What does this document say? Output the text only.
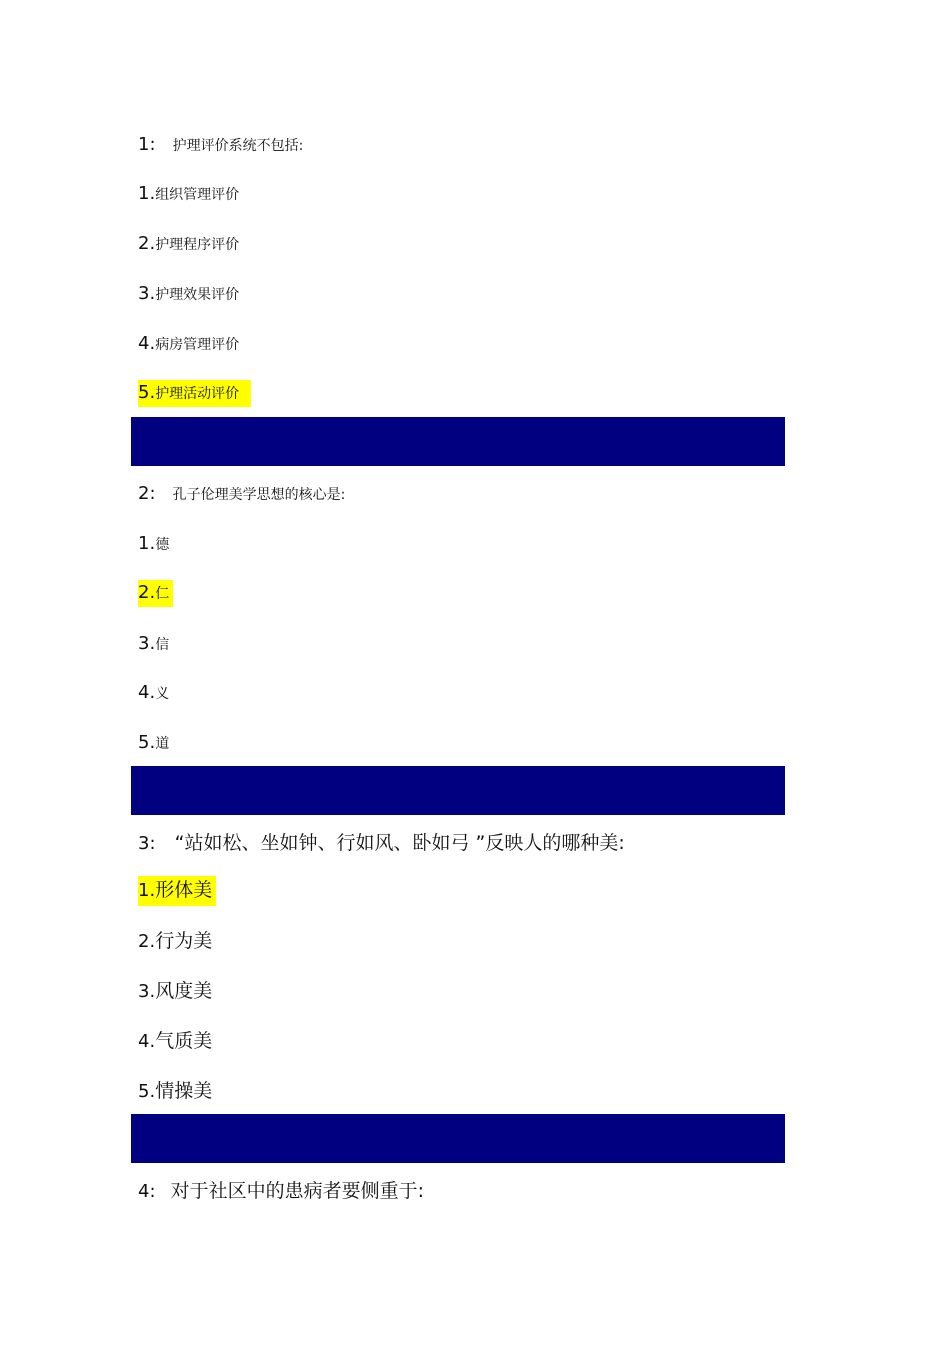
1: 护理评价系统不包括:
1.组织管理评价
2.护理程序评价
3.护理效果评价
4.病房管理评价
5.护理活动评价
2: 孔子伦理美学思想的核心是:
1.德
2.仁
3.信
4.义
5.道
3: “站如松、坐如钟、行如风、卧如弓 ”反映人的哪种美:
1.形体美
2.行为美
3.风度美
4.气质美
5.情操美
4: 对于社区中的患病者要侧重于:
